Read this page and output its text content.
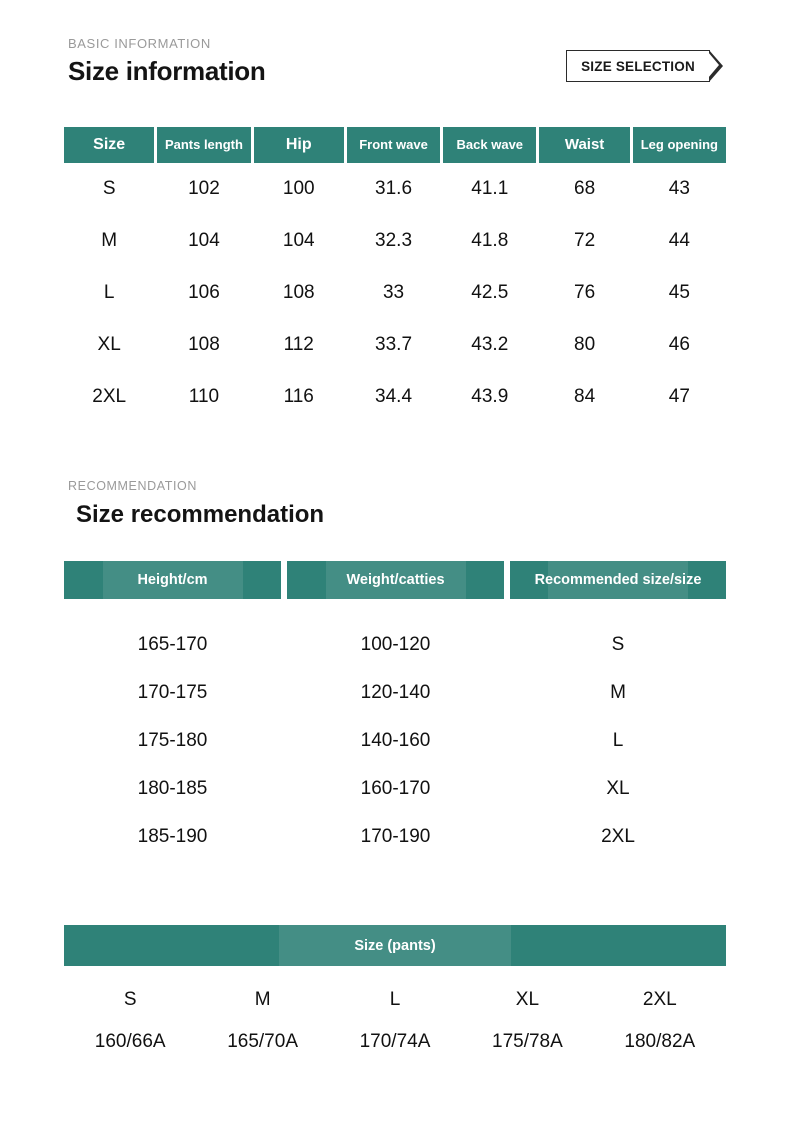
BASIC INFORMATION
Size information	SIZE SELECTION
Size	Pants length	Hip	Front wave	Back wave	Waist	Leg opening
S	102	100	31.6	41.1	68	43
M	104	104	32.3	41.8	72	44
L	106	108	33	42.5	76	45
XL	108	112	33.7	43.2	80	46
2XL	110	116	34.4	43.9	84	47
RECOMMENDATION
Size recommendation
Height/cm	Weight/catties	Recommended size/size
165-170	100-120	S
170-175	120-140	M
175-180	140-160	L
180-185	160-170	XL
185-190	170-190	2XL
Size (pants)
S	M	L	XL	2XL
160/66A	165/70A	170/74A	175/78A	180/82A
